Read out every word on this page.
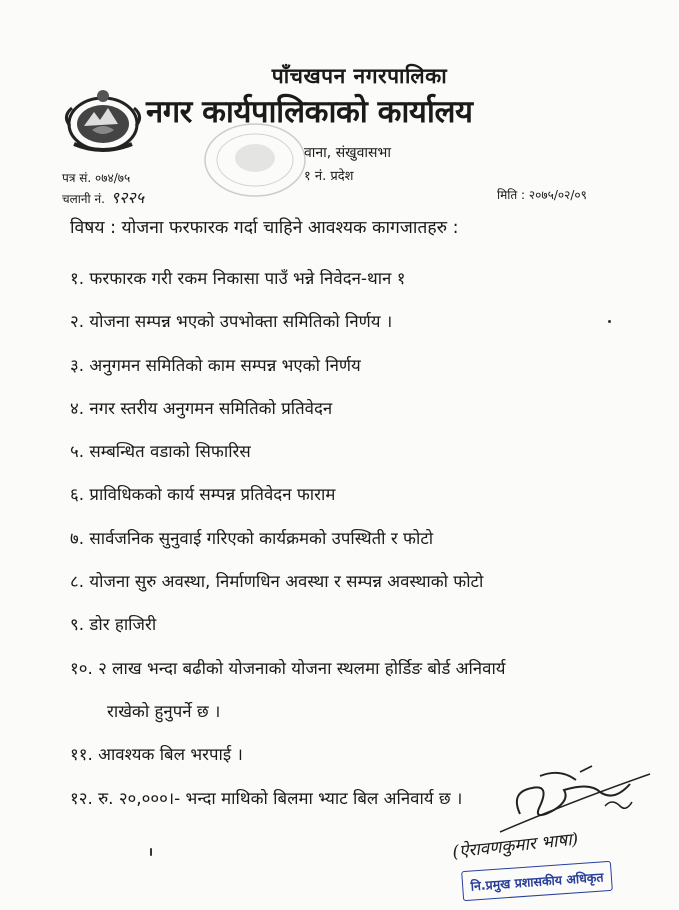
पाँचखपन नगरपालिका
नगर कार्यपालिकाको कार्यालय
वाना, संखुवासभा
१ नं. प्रदेश
पत्र सं. ०७४/७५
चलानी नं. ९२२५	मिति : २०७५/०२/०९
विषय : योजना फरफारक गर्दा चाहिने आवश्यक कागजातहरु :
१. फरफारक गरी रकम निकासा पाउँ भन्ने निवेदन-थान १
२. योजना सम्पन्न भएको उपभोक्ता समितिको निर्णय ।
३. अनुगमन समितिको काम सम्पन्न भएको निर्णय
४. नगर स्तरीय अनुगमन समितिको प्रतिवेदन
५. सम्बन्धित वडाको सिफारिस
६. प्राविधिकको कार्य सम्पन्न प्रतिवेदन फाराम
७. सार्वजनिक सुनुवाई गरिएको कार्यक्रमको उपस्थिती र फोटो
८. योजना सुरु अवस्था, निर्माणधिन अवस्था र सम्पन्न अवस्थाको फोटो
९. डोर हाजिरी
१०. २ लाख भन्दा बढीको योजनाको योजना स्थलमा होर्डिङ बोर्ड अनिवार्य
राखेको हुनुपर्ने छ ।
११. आवश्यक बिल भरपाई ।
१२. रु. २०,०००।- भन्दा माथिको बिलमा भ्याट बिल अनिवार्य छ ।
(ऐरावणकुमार भाषा)
नि.प्रमुख प्रशासकीय अधिकृत
